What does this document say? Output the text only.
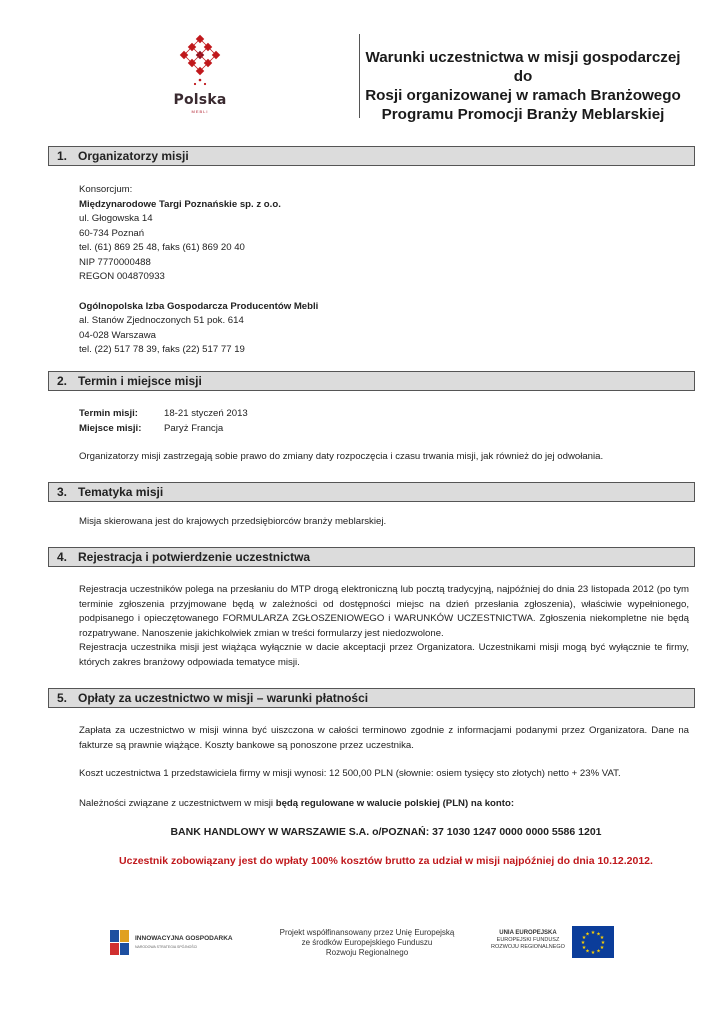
Polska
MEBLI
Warunki uczestnictwa w misji gospodarczej do
Rosji organizowanej w ramach Branżowego
Programu Promocji Branży Meblarskiej
1. Organizatorzy misji
Konsorcjum:
Międzynarodowe Targi Poznańskie sp. z o.o.
ul. Głogowska 14
60-734 Poznań
tel. (61) 869 25 48, faks (61) 869 20 40
NIP 7770000488
REGON 004870933
Ogólnopolska Izba Gospodarcza Producentów Mebli
al. Stanów Zjednoczonych 51 pok. 614
04-028 Warszawa
tel. (22) 517 78 39, faks (22) 517 77 19
2. Termin i miejsce misji
Termin misji:	18-21 styczeń 2013
Miejsce misji:	Paryż Francja
Organizatorzy misji zastrzegają sobie prawo do zmiany daty rozpoczęcia i czasu trwania misji, jak również do jej odwołania.
3. Tematyka misji
Misja skierowana jest do krajowych przedsiębiorców branży meblarskiej.
4. Rejestracja i potwierdzenie uczestnictwa
Rejestracja uczestników polega na przesłaniu do MTP drogą elektroniczną lub pocztą tradycyjną, najpóźniej do dnia 23 listopada 2012 (po tym terminie zgłoszenia przyjmowane będą w zależności od dostępności miejsc na dzień przesłania zgłoszenia), właściwie wypełnionego, podpisanego i opieczętowanego FORMULARZA ZGŁOSZENIOWEGO i WARUNKÓW UCZESTNICTWA. Zgłoszenia niekompletne nie będą rozpatrywane. Nanoszenie jakichkolwiek zmian w treści formularzy jest niedozwolone.
Rejestracja uczestnika misji jest wiążąca wyłącznie w dacie akceptacji przez Organizatora. Uczestnikami misji mogą być wyłącznie te firmy, których zakres branżowy odpowiada tematyce misji.
5. Opłaty za uczestnictwo w misji – warunki płatności
Zapłata za uczestnictwo w misji winna być uiszczona w całości terminowo zgodnie z informacjami podanymi przez Organizatora. Dane na fakturze są prawnie wiążące. Koszty bankowe są ponoszone przez uczestnika.
Koszt uczestnictwa 1 przedstawiciela firmy w misji wynosi: 12 500,00 PLN (słownie: osiem tysięcy sto złotych) netto + 23% VAT.
Należności związane z uczestnictwem w misji będą regulowane w walucie polskiej (PLN) na konto:
BANK HANDLOWY W WARSZAWIE S.A. o/POZNAŃ: 37 1030 1247 0000 0000 5586 1201
Uczestnik zobowiązany jest do wpłaty 100% kosztów brutto za udział w misji najpóźniej do dnia 10.12.2012.
INNOWACYJNA GOSPODARKA
NARODOWA STRATEGIA SPÓJNOŚCI
Projekt współfinansowany przez Unię Europejską
ze środków Europejskiego Funduszu
Rozwoju Regionalnego
UNIA EUROPEJSKA
EUROPEJSKI FUNDUSZ
ROZWOJU REGIONALNEGO
★ ★
★
★
★
★
★
★
★
★
★
★
